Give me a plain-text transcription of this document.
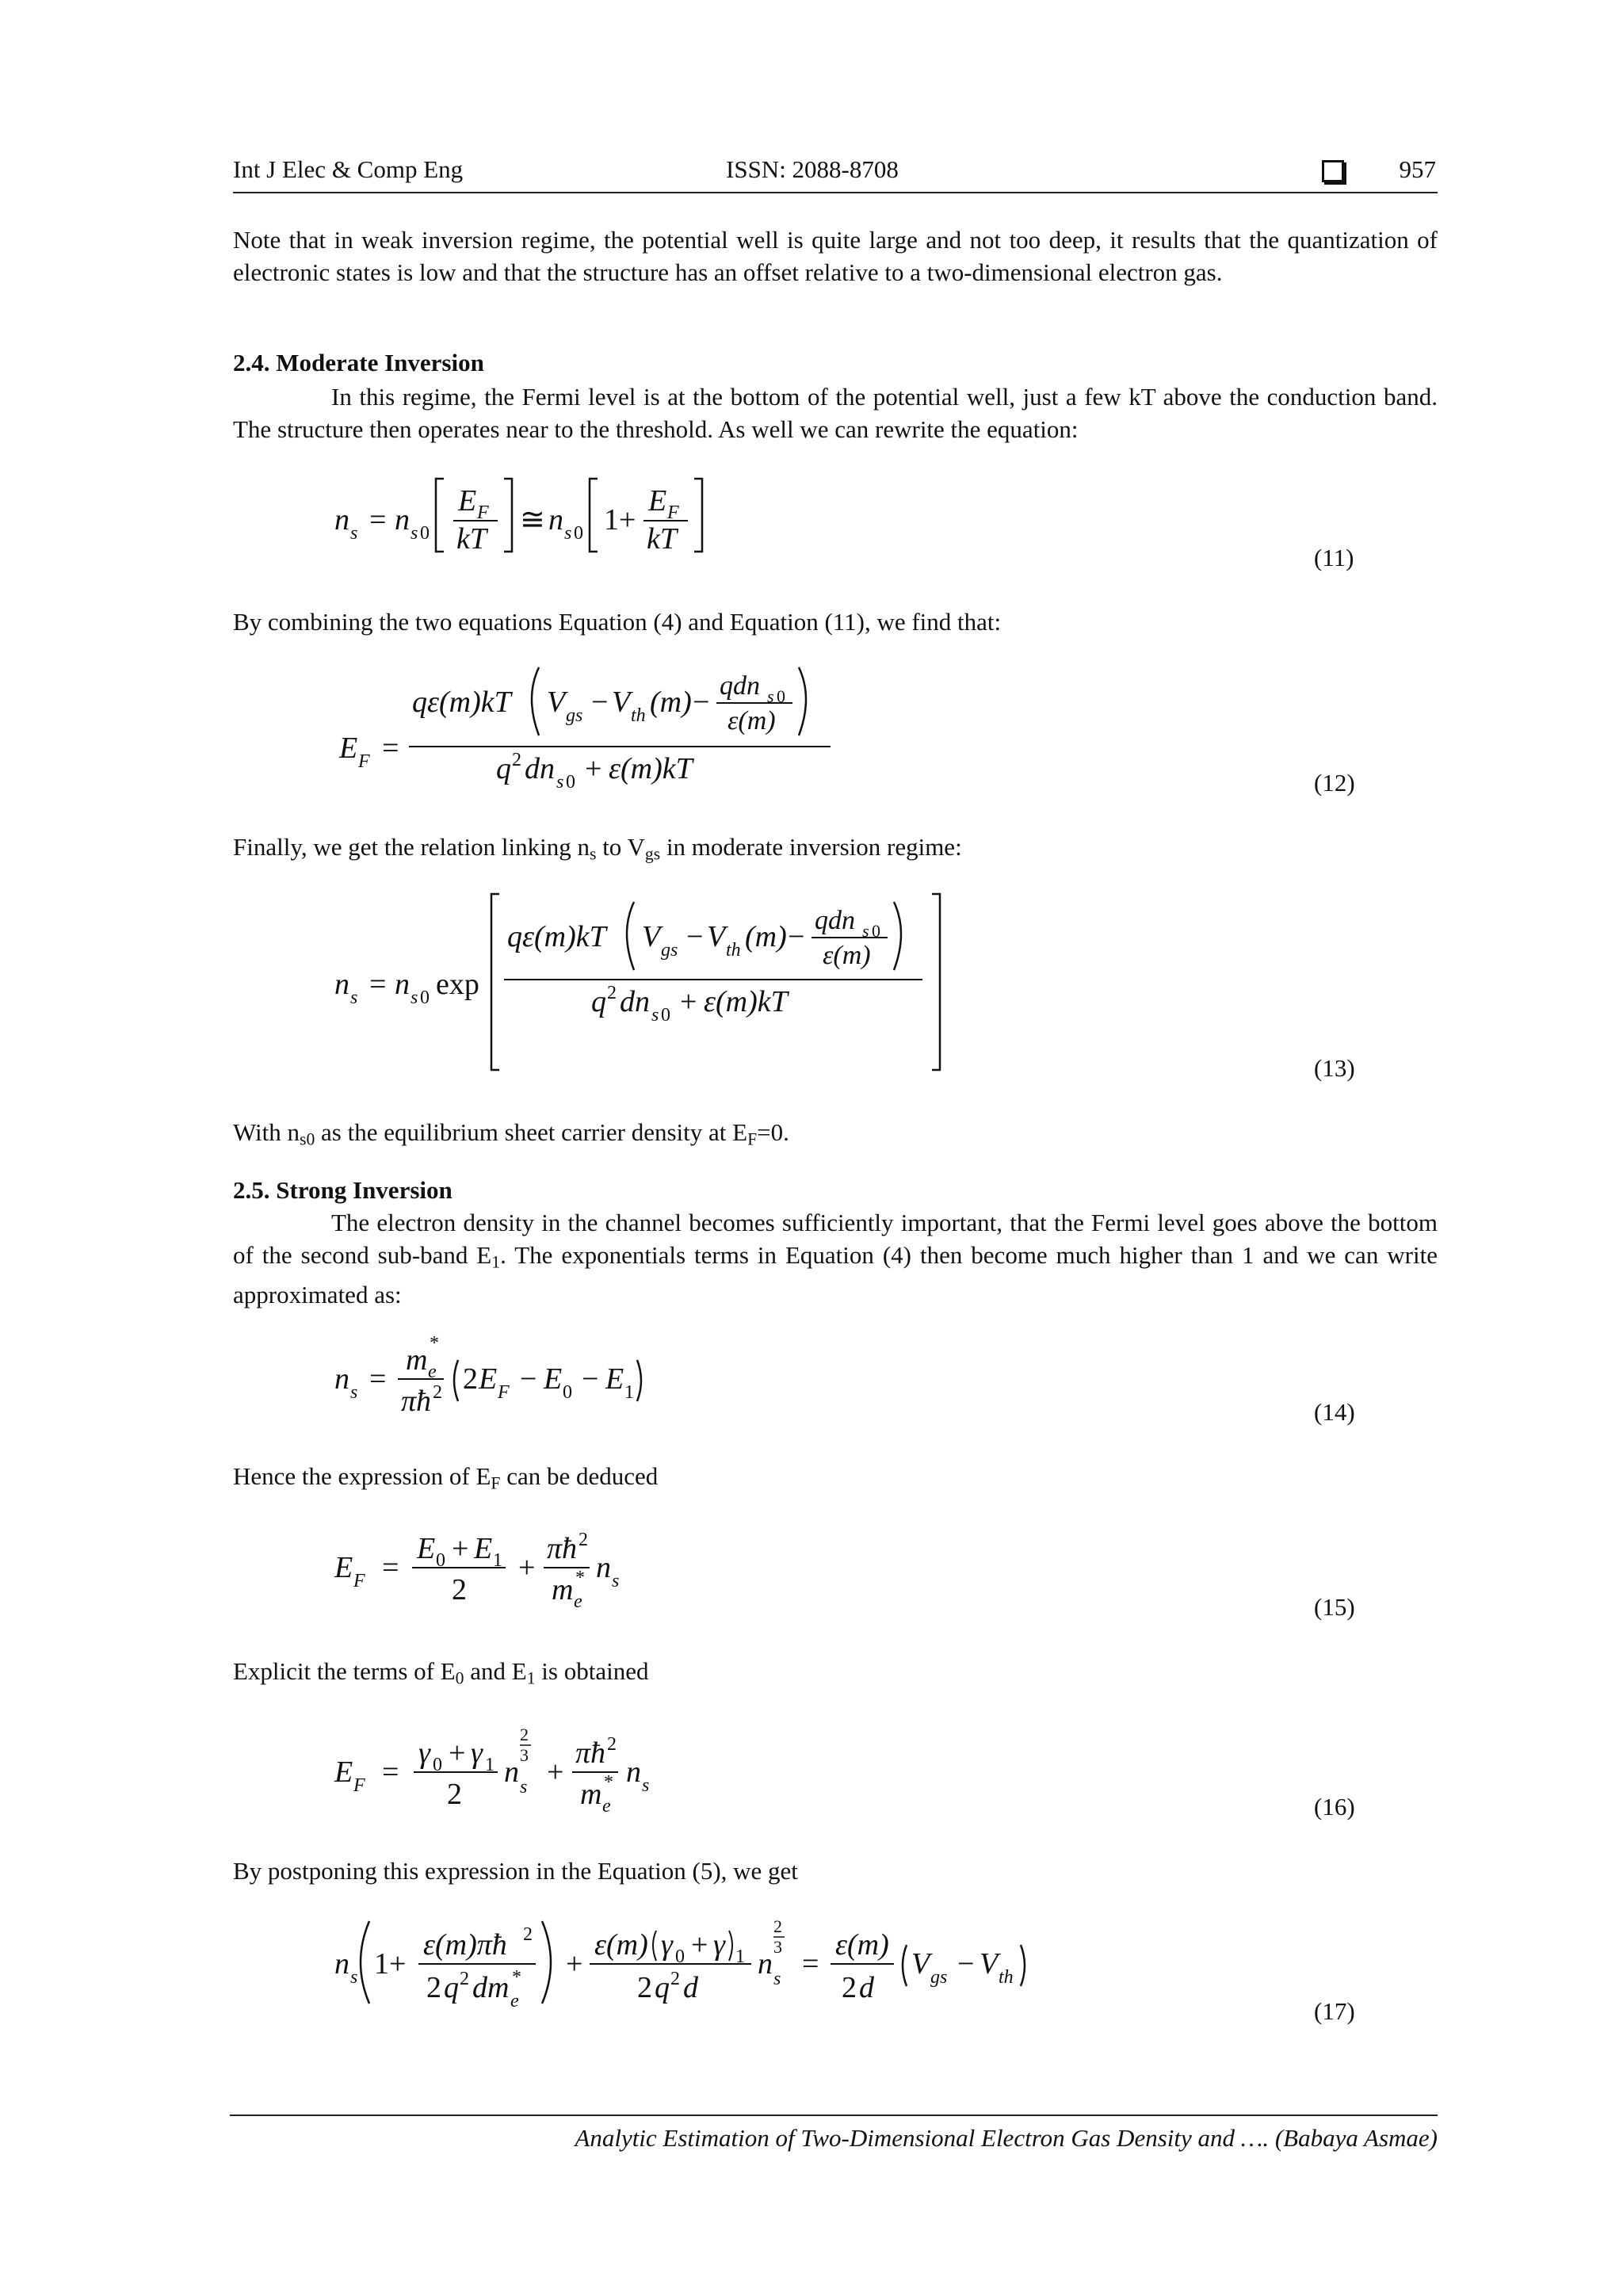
Int J Elec & Comp Eng	ISSN: 2088-8708	957
Note that in weak inversion regime, the potential well is quite large and not too deep, it results that the quantization of electronic states is low and that the structure has an offset relative to a two-dimensional electron gas.
2.4. Moderate Inversion
In this regime, the Fermi level is at the bottom of the potential well, just a few kT above the conduction band. The structure then operates near to the threshold. As well we can rewrite the equation:
n s = n s 0
E F
kT
≅ n s 0 1+
E F
kT
(11)
By combining the two equations Equation (4) and Equation (11), we find that:
E F =
qε(m)kT V gs − V th (m) − qdn s 0
ε(m)
q 2 dn s 0 + ε(m)kT	(12)
Finally, we get the relation linking $n_s$ to $V_{gs}$ in moderate inversion regime:
n s = n s 0 exp
qε(m)kT V gs − V th (m) − qdn s 0
ε(m)
q 2 dn s 0 + ε(m)kT
(13)
With $n_{s0}$ as the equilibrium sheet carrier density at $E_F=0$.
2.5. Strong Inversion
The electron density in the channel becomes sufficiently important, that the Fermi level goes above the bottom of the second sub-band $E_1$. The exponentials terms in Equation (4) then become much higher than 1 and we can write approximated as:
n s =
m e
*
πħ 2 2 E F − E 0 − E 1
(14)
Hence the expression of $E_F$ can be deduced
E F =
E 0 + E 1
2
+
πħ 2
m e
* n s
(15)
Explicit the terms of $E_0$ and $E_1$ is obtained
E F =
γ 0 + γ 1
2
n s
2
3
+
πħ 2
m e
* n s
(16)
By postponing this expression in the Equation (5), we get
n s 1+
ε(m)πħ 2
2 q 2 dm e
* +
ε(m) γ 0 + γ 1
2 q 2 d
n s
2
3
=
ε(m)
2 d
V gs − V th
(17)
Analytic Estimation of Two-Dimensional Electron Gas Density and …. (Babaya Asmae)
